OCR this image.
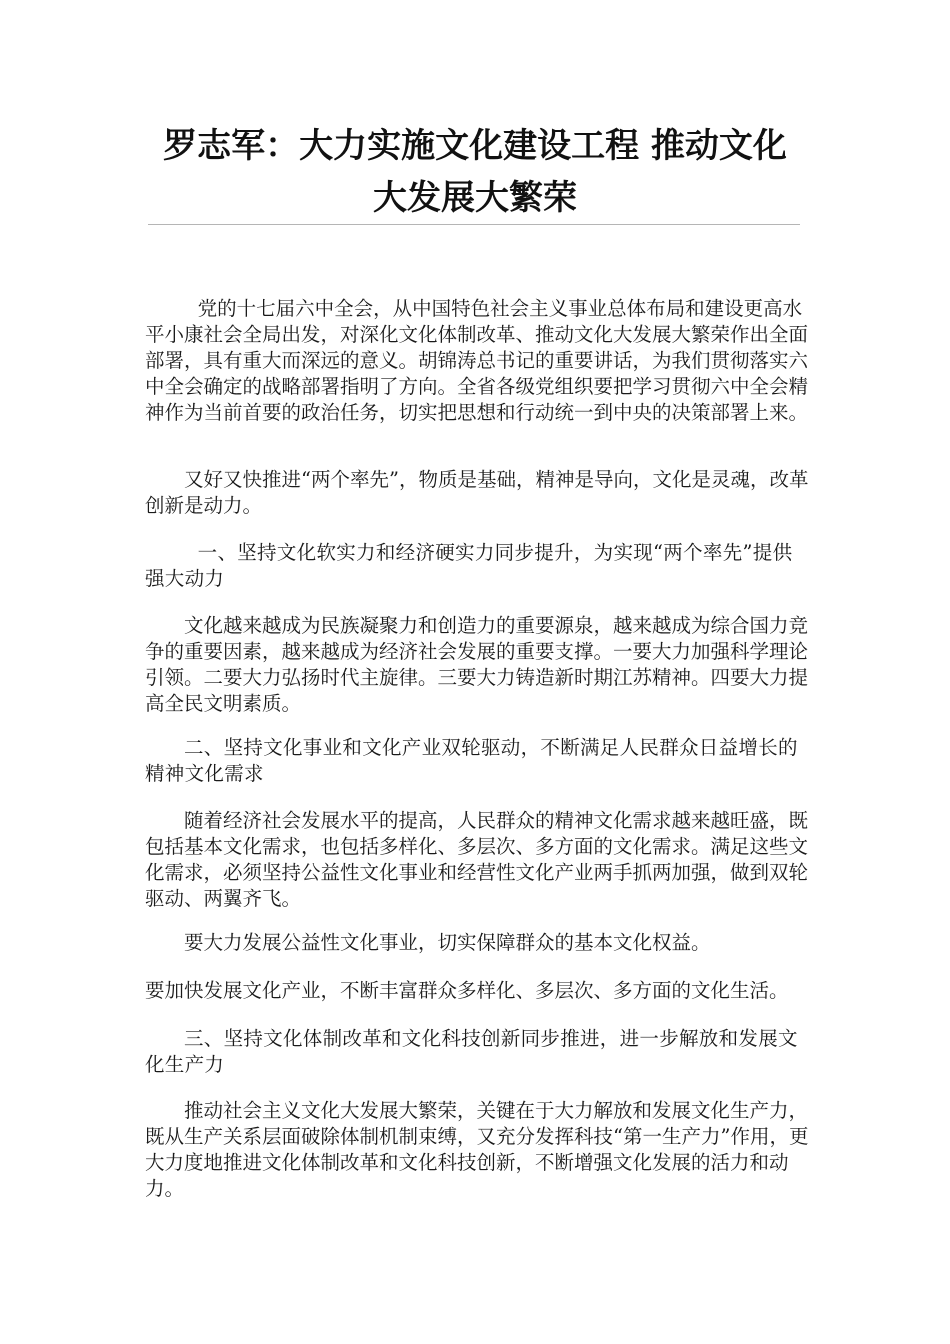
罗志军：大力实施文化建设工程 推动文化
大发展大繁荣

党的十七届六中全会，从中国特色社会主义事业总体布局和建设更高水平小康社会全局出发，对深化文化体制改革、推动文化大发展大繁荣作出全面部署，具有重大而深远的意义。胡锦涛总书记的重要讲话，为我们贯彻落实六中全会确定的战略部署指明了方向。全省各级党组织要把学习贯彻六中全会精神作为当前首要的政治任务，切实把思想和行动统一到中央的决策部署上来。

又好又快推进“两个率先”，物质是基础，精神是导向，文化是灵魂，改革创新是动力。

一、坚持文化软实力和经济硬实力同步提升，为实现“两个率先”提供强大动力

文化越来越成为民族凝聚力和创造力的重要源泉，越来越成为综合国力竞争的重要因素，越来越成为经济社会发展的重要支撑。一要大力加强科学理论引领。二要大力弘扬时代主旋律。三要大力铸造新时期江苏精神。四要大力提高全民文明素质。

二、坚持文化事业和文化产业双轮驱动，不断满足人民群众日益增长的精神文化需求

随着经济社会发展水平的提高，人民群众的精神文化需求越来越旺盛，既包括基本文化需求，也包括多样化、多层次、多方面的文化需求。满足这些文化需求，必须坚持公益性文化事业和经营性文化产业两手抓两加强，做到双轮驱动、两翼齐飞。

要大力发展公益性文化事业，切实保障群众的基本文化权益。

要加快发展文化产业，不断丰富群众多样化、多层次、多方面的文化生活。

三、坚持文化体制改革和文化科技创新同步推进，进一步解放和发展文化生产力

推动社会主义文化大发展大繁荣，关键在于大力解放和发展文化生产力，既从生产关系层面破除体制机制束缚，又充分发挥科技“第一生产力”作用，更大力度地推进文化体制改革和文化科技创新，不断增强文化发展的活力和动力。
